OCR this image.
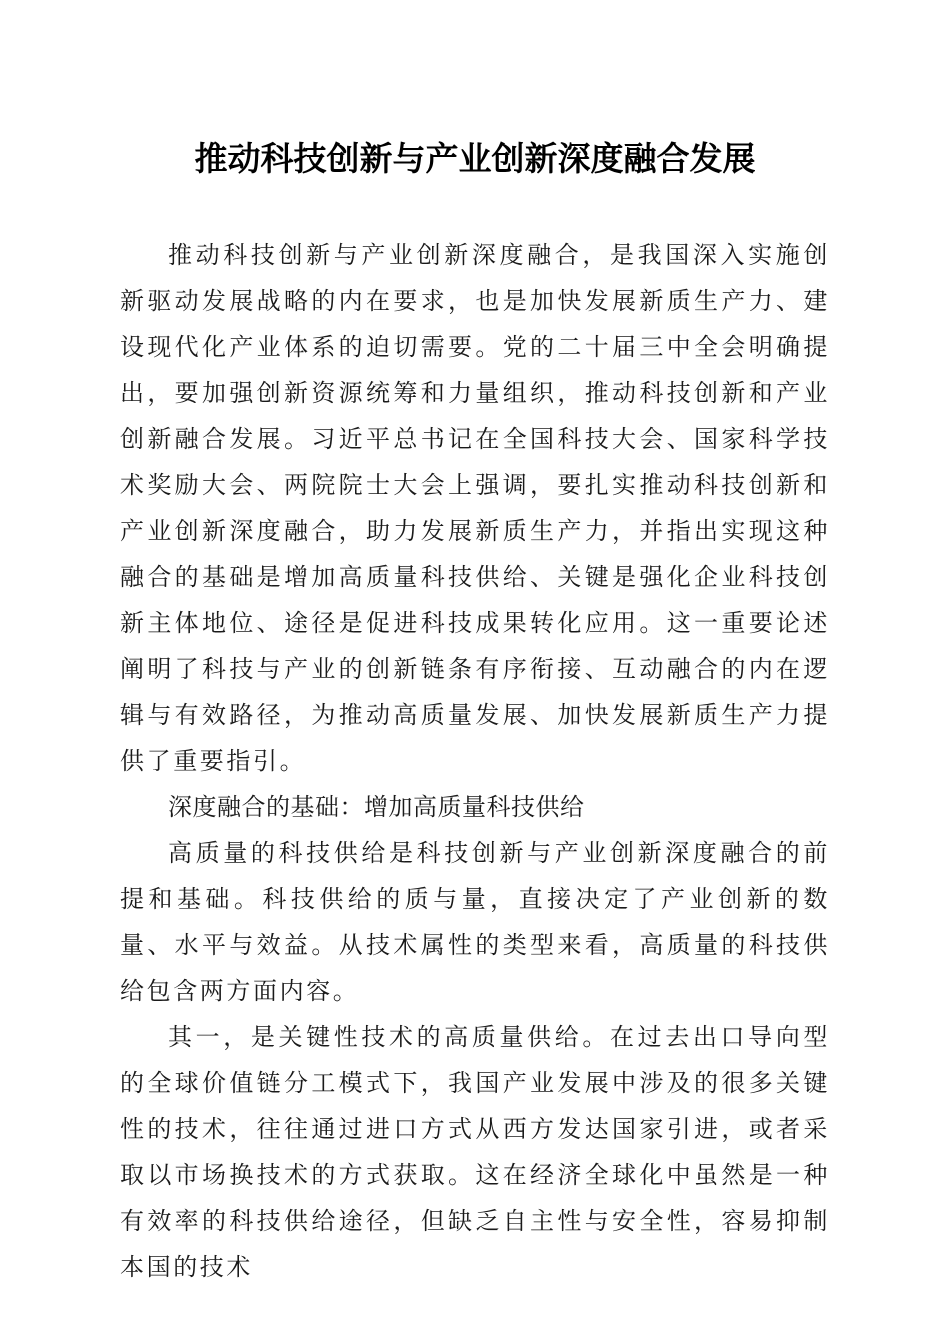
推动科技创新与产业创新深度融合发展

推动科技创新与产业创新深度融合，是我国深入实施创新驱动发展战略的内在要求，也是加快发展新质生产力、建设现代化产业体系的迫切需要。党的二十届三中全会明确提出，要加强创新资源统筹和力量组织，推动科技创新和产业创新融合发展。习近平总书记在全国科技大会、国家科学技术奖励大会、两院院士大会上强调，要扎实推动科技创新和产业创新深度融合，助力发展新质生产力，并指出实现这种融合的基础是增加高质量科技供给、关键是强化企业科技创新主体地位、途径是促进科技成果转化应用。这一重要论述阐明了科技与产业的创新链条有序衔接、互动融合的内在逻辑与有效路径，为推动高质量发展、加快发展新质生产力提供了重要指引。

深度融合的基础：增加高质量科技供给

高质量的科技供给是科技创新与产业创新深度融合的前提和基础。科技供给的质与量，直接决定了产业创新的数量、水平与效益。从技术属性的类型来看，高质量的科技供给包含两方面内容。

其一，是关键性技术的高质量供给。在过去出口导向型的全球价值链分工模式下，我国产业发展中涉及的很多关键性的技术，往往通过进口方式从西方发达国家引进，或者采取以市场换技术的方式获取。这在经济全球化中虽然是一种有效率的科技供给途径，但缺乏自主性与安全性，容易抑制本国的技术
